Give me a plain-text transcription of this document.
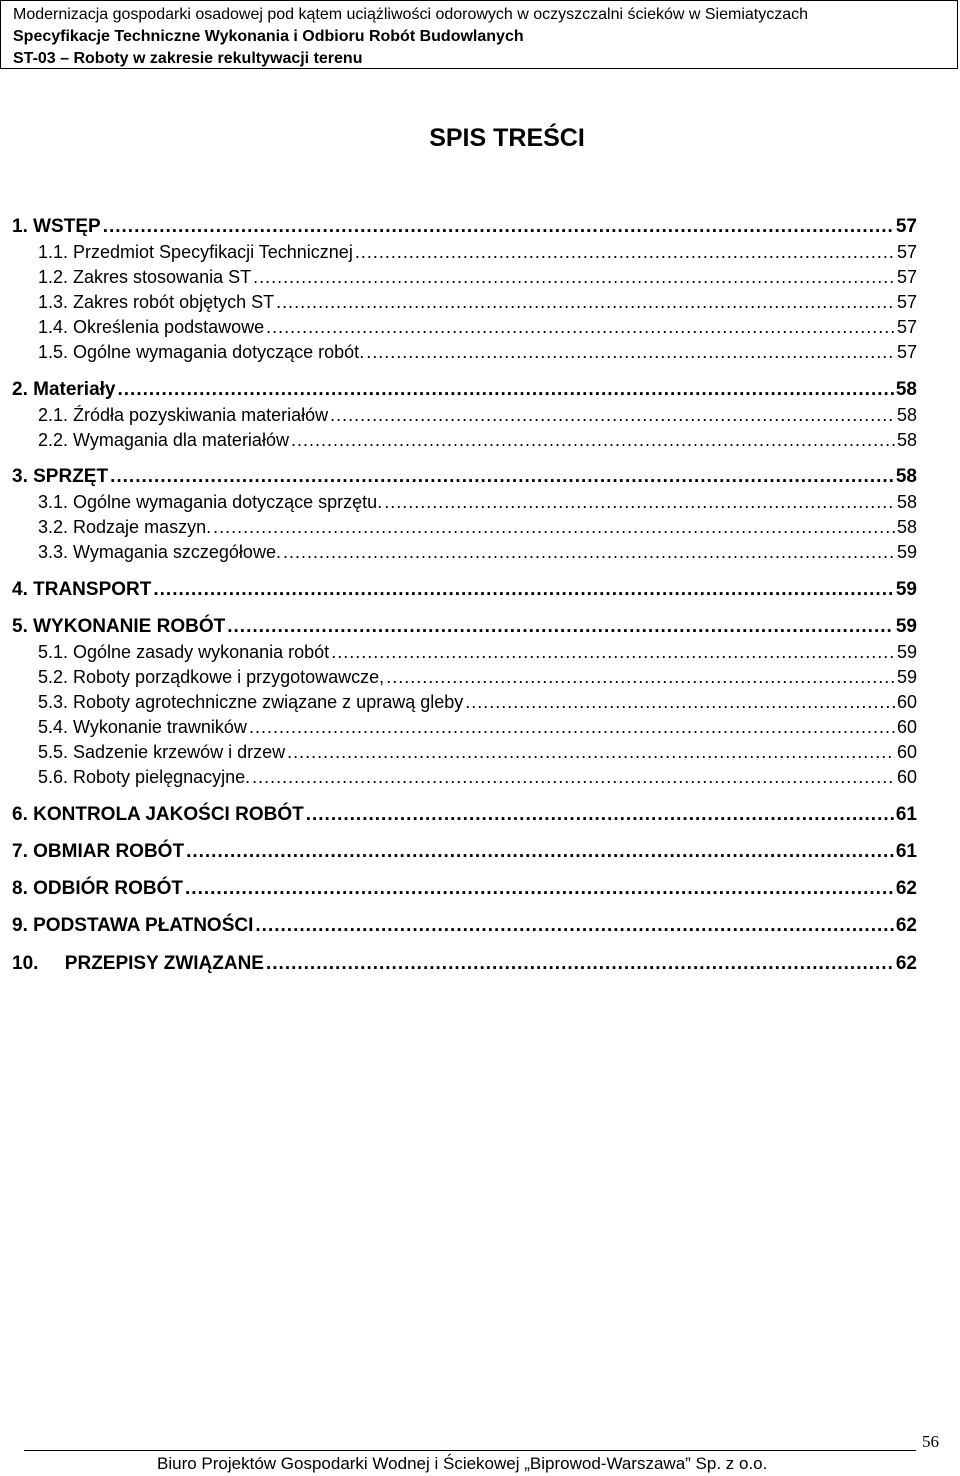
Modernizacja gospodarki osadowej pod kątem uciążliwości odorowych w oczyszczalni ścieków w Siemiatyczach
Specyfikacje Techniczne Wykonania i Odbioru Robót Budowlanych
ST-03 – Roboty w zakresie rekultywacji terenu
SPIS TREŚCI
1. WSTĘP .....	57
1.1. Przedmiot Specyfikacji Technicznej .....	57
1.2. Zakres stosowania ST .....	57
1.3. Zakres robót objętych ST .....	57
1.4. Określenia podstawowe .....	57
1.5. Ogólne wymagania dotyczące robót. .....	57
2. Materiały .....	58
2.1. Źródła pozyskiwania materiałów .....	58
2.2. Wymagania dla materiałów .....	58
3. SPRZĘT .....	58
3.1. Ogólne wymagania dotyczące sprzętu. .....	58
3.2. Rodzaje maszyn. .....	58
3.3. Wymagania szczegółowe. .....	59
4. TRANSPORT .....	59
5. WYKONANIE ROBÓT .....	59
5.1. Ogólne zasady wykonania robót .....	59
5.2. Roboty porządkowe i przygotowawcze, .....	59
5.3. Roboty agrotechniczne związane z uprawą gleby .....	60
5.4. Wykonanie trawników .....	60
5.5. Sadzenie krzewów i drzew .....	60
5.6. Roboty pielęgnacyjne. .....	60
6. KONTROLA JAKOŚCI ROBÓT .....	61
7. OBMIAR ROBÓT .....	61
8. ODBIÓR ROBÓT .....	62
9. PODSTAWA PŁATNOŚCI .....	62
10.     PRZEPISY ZWIĄZANE .....	62
56
Biuro Projektów Gospodarki Wodnej i Ściekowej „Biprowod-Warszawa” Sp. z o.o.
